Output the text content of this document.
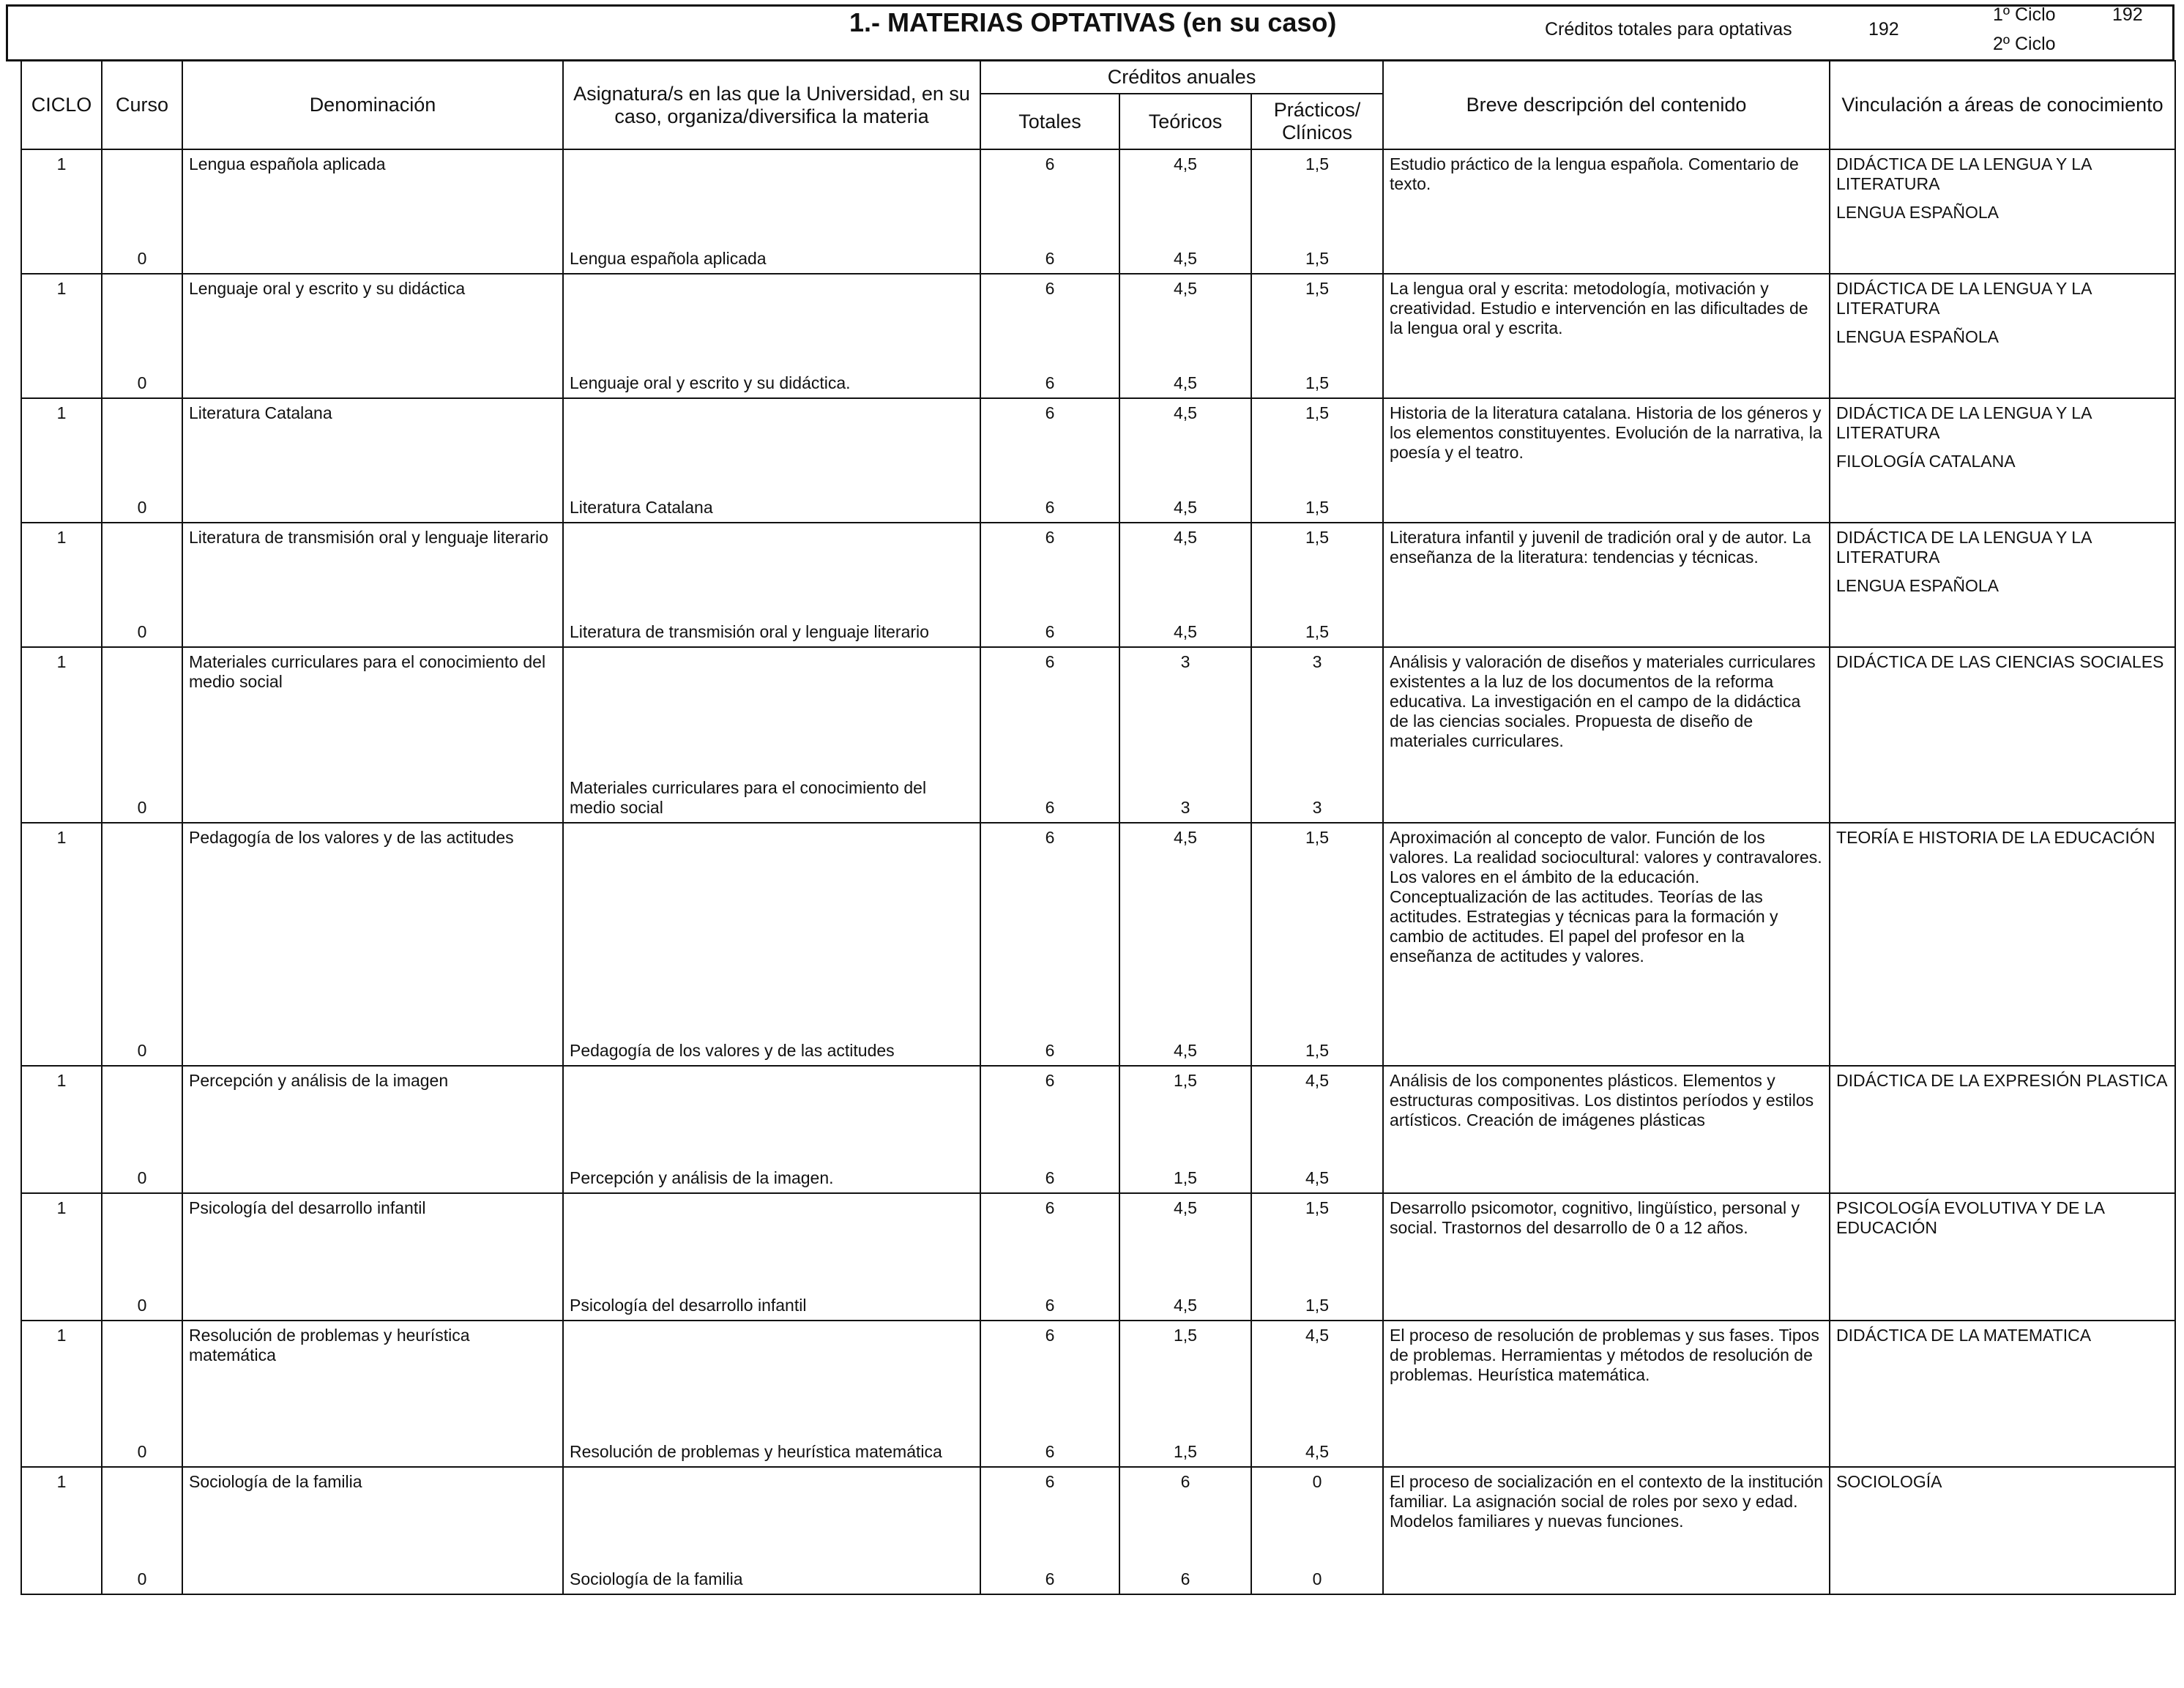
1.- MATERIAS OPTATIVAS (en su caso)	Créditos totales para optativas	192
1º Ciclo	192
2º Ciclo
CICLO	Curso	Denominación	Asignatura/s en las que la Universidad, en su caso, organiza/diversifica la materia	Créditos anuales			Breve descripción del contenido	Vinculación a áreas de conocimiento
				Totales	Teóricos	Prácticos/ Clínicos		
1		Lengua española aplicada		6	4,5	1,5	Estudio práctico de la lengua española. Comentario de texto.	DIDÁCTICA DE LA LENGUA Y LA LITERATURA
LENGUA ESPAÑOLA

	0		Lengua española aplicada	6	4,5	1,5		
1		Lenguaje oral y escrito y su didáctica		6	4,5	1,5	La lengua oral y escrita: metodología, motivación y creatividad. Estudio e intervención en las dificultades de la lengua oral y escrita.	DIDÁCTICA DE LA LENGUA Y LA LITERATURA
LENGUA ESPAÑOLA

	0		Lenguaje oral y escrito y su didáctica.	6	4,5	1,5		
1		Literatura Catalana		6	4,5	1,5	Historia de la literatura catalana. Historia de los géneros y los elementos constituyentes. Evolución de la narrativa, la poesía y el teatro.	DIDÁCTICA DE LA LENGUA Y LA LITERATURA
FILOLOGÍA CATALANA

	0		Literatura Catalana	6	4,5	1,5		
1		Literatura de transmisión oral y lenguaje literario		6	4,5	1,5	Literatura infantil y juvenil de tradición oral y de autor. La enseñanza de la literatura: tendencias y técnicas.	DIDÁCTICA DE LA LENGUA Y LA LITERATURA
LENGUA ESPAÑOLA

	0		Literatura de transmisión oral y lenguaje literario	6	4,5	1,5		
1		Materiales curriculares para el conocimiento del medio social		6	3	3	Análisis y valoración de diseños y materiales curriculares existentes a la luz de los documentos de la reforma educativa. La investigación en el campo de la didáctica de las ciencias sociales. Propuesta de diseño de materiales curriculares.	DIDÁCTICA DE LAS CIENCIAS SOCIALES

	0		Materiales curriculares para el conocimiento del medio social	6	3	3		
1		Pedagogía de los valores y de las actitudes		6	4,5	1,5	Aproximación al concepto de valor. Función de los valores. La realidad sociocultural: valores y contravalores. Los valores en el ámbito de la educación. Conceptualización de las actitudes. Teorías de las actitudes. Estrategias y técnicas para la formación y cambio de actitudes. El papel del profesor en la enseñanza de actitudes y valores.	TEORÍA E HISTORIA DE LA EDUCACIÓN

	0		Pedagogía de los valores y de las actitudes	6	4,5	1,5		
1		Percepción y análisis de la imagen		6	1,5	4,5	Análisis de los componentes plásticos. Elementos y estructuras compositivas. Los distintos períodos y estilos artísticos. Creación de imágenes plásticas	DIDÁCTICA DE LA EXPRESIÓN PLASTICA

	0		Percepción y análisis de la imagen.	6	1,5	4,5		
1		Psicología del desarrollo infantil		6	4,5	1,5	Desarrollo psicomotor, cognitivo, lingüístico, personal y social. Trastornos del desarrollo de 0 a 12 años.	PSICOLOGÍA EVOLUTIVA Y DE LA EDUCACIÓN

	0		Psicología del desarrollo infantil	6	4,5	1,5		
1		Resolución de problemas y heurística matemática		6	1,5	4,5	El proceso de resolución de problemas y sus fases. Tipos de problemas. Herramientas y métodos de resolución de problemas. Heurística matemática.	DIDÁCTICA DE LA MATEMATICA

	0		Resolución de problemas y heurística matemática	6	1,5	4,5		
1		Sociología de la familia		6	6	0	El proceso de socialización en el contexto de la institución familiar. La asignación social de roles por sexo y edad. Modelos familiares y nuevas funciones.	SOCIOLOGÍA

	0		Sociología de la familia	6	6	0		
